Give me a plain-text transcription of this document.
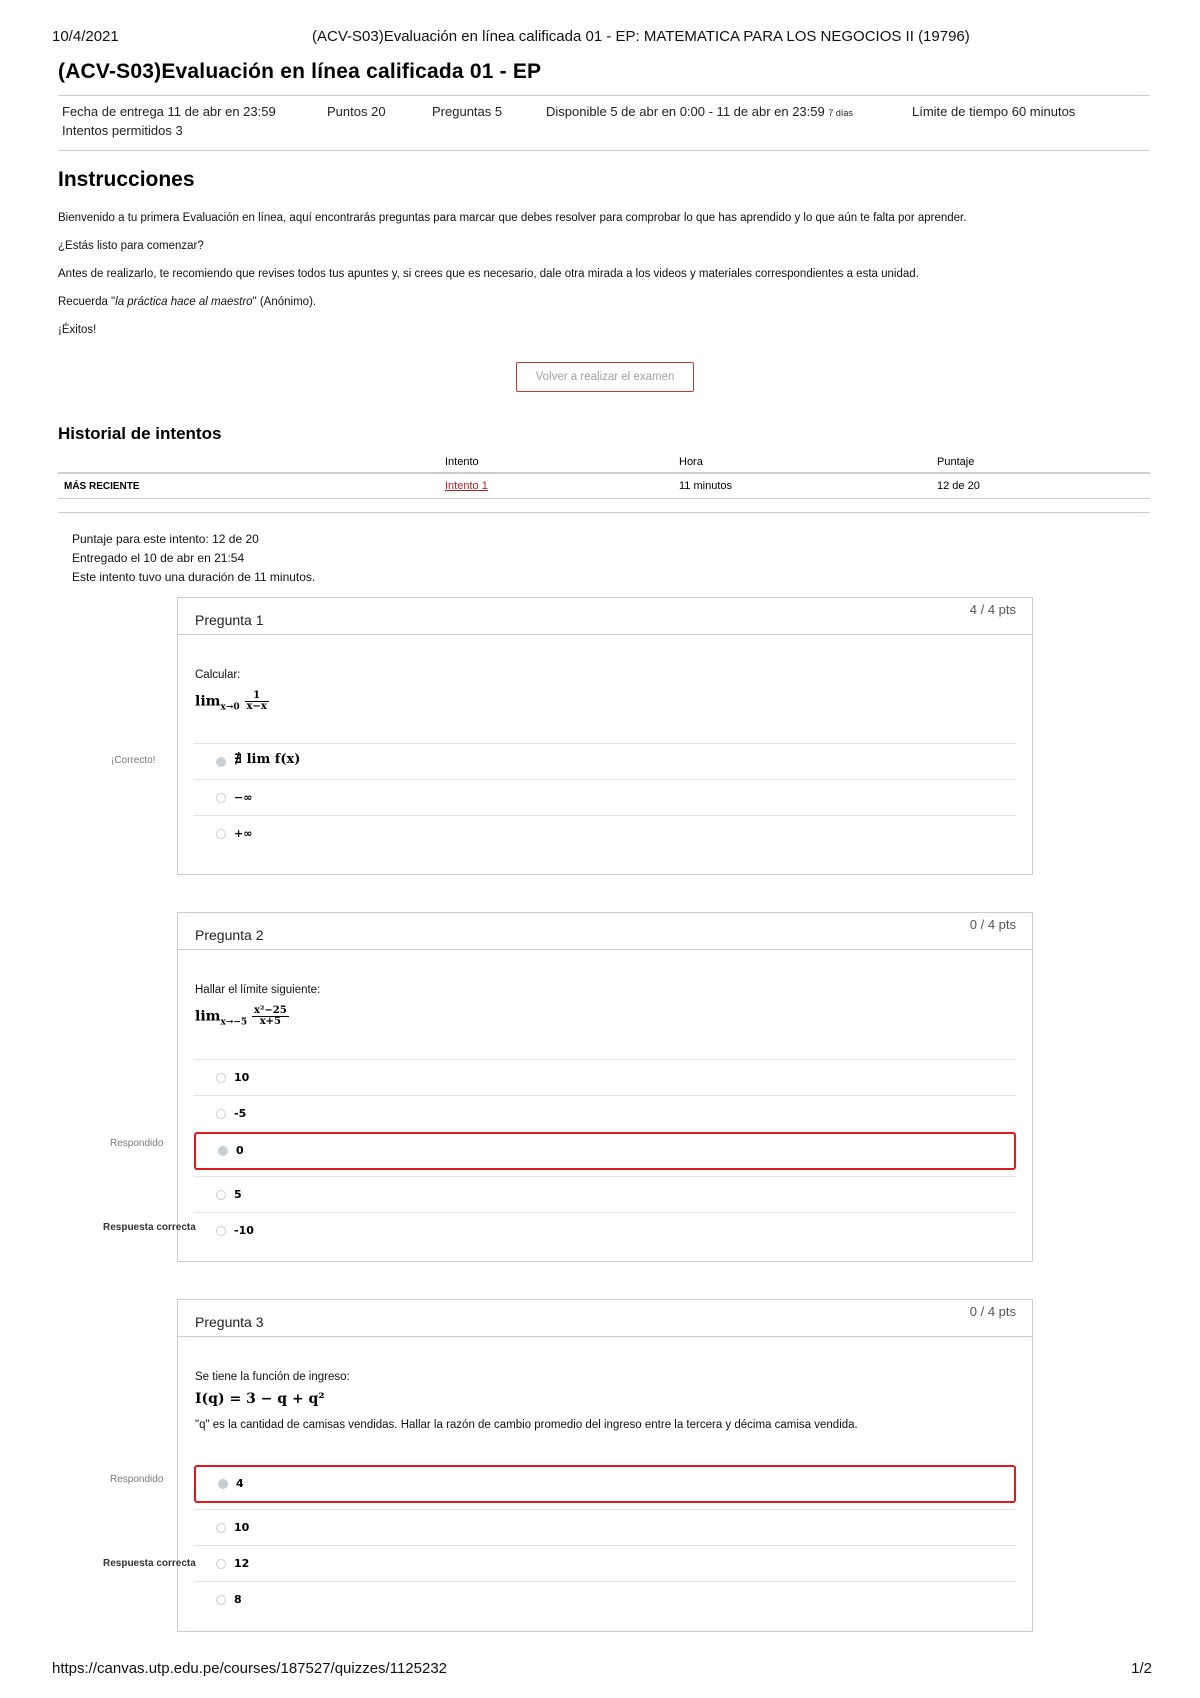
10/4/2021	(ACV-S03)Evaluación en línea calificada 01 - EP: MATEMATICA PARA LOS NEGOCIOS II (19796)
(ACV-S03)Evaluación en línea calificada 01 - EP
Fecha de entrega 11 de abr en 23:59	Puntos 20	Preguntas 5	Disponible 5 de abr en 0:00 - 11 de abr en 23:59 7 días	Límite de tiempo 60 minutos
Intentos permitidos 3
Instrucciones
Bienvenido a tu primera Evaluación en línea, aquí encontrarás preguntas para marcar que debes resolver para comprobar lo que has aprendido y lo que aún te falta por aprender.
¿Estás listo para comenzar?
Antes de realizarlo, te recomiendo que revises todos tus apuntes y, si crees que es necesario, dale otra mirada a los videos y materiales correspondientes a esta unidad.
Recuerda "la práctica hace al maestro" (Anónimo).
¡Éxitos!
Volver a realizar el examen
Historial de intentos
	Intento	Hora	Puntaje
MÁS RECIENTE	Intento 1	11 minutos	12 de 20
Puntaje para este intento: 12 de 20
Entregado el 10 de abr en 21:54
Este intento tuvo una duración de 11 minutos.
Pregunta 1
4 / 4 pts
Calcular:
$\lim_{x\to 0} \frac{1}{x-x}$
∄ lim f(x)
−∞
+∞
¡Correcto!
Pregunta 2
0 / 4 pts
Hallar el límite siguiente:
$\lim_{x\to-5} \frac{\text{x²−25}}{x+5}$
10
-5
0
5
-10
Respondido
Respuesta correcta
Pregunta 3
0 / 4 pts
Se tiene la función de ingreso:
I(q) = 3 − q + q²
"q" es la cantidad de camisas vendidas. Hallar la razón de cambio promedio del ingreso entre la tercera y décima camisa vendida.
4
10
12
8
Respondido
Respuesta correcta
https://canvas.utp.edu.pe/courses/187527/quizzes/1125232	1/2
